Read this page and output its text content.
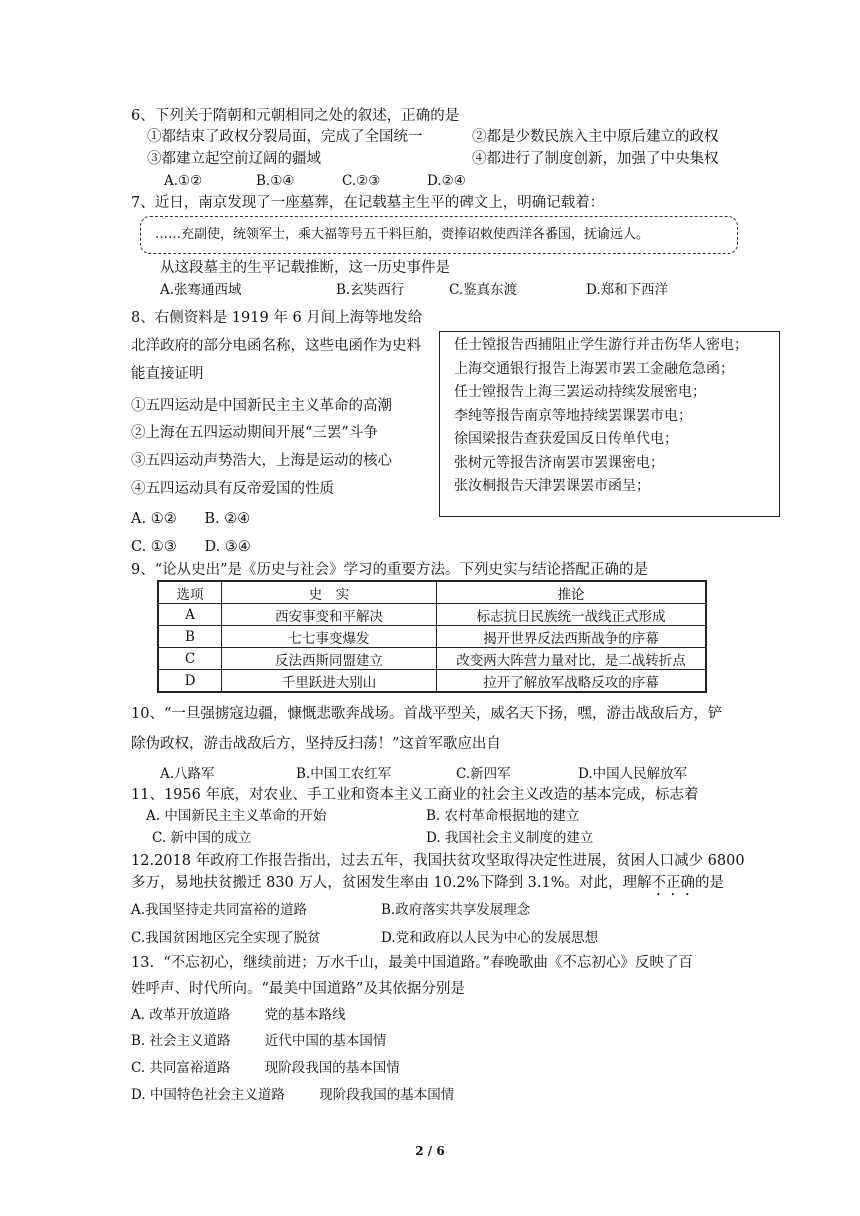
6、下列关于隋朝和元朝相同之处的叙述，正确的是
①都结束了政权分裂局面，完成了全国统一	②都是少数民族入主中原后建立的政权
③都建立起空前辽阔的疆域	④都进行了制度创新，加强了中央集权
A.①②	B.①④	C.②③	D.②④
7、近日，南京发现了一座墓葬，在记载墓主生平的碑文上，明确记载着：
……充副使，统领军士，乘大福等号五千料巨舶，赍捧诏敕使西洋各番国，抚谕远人。
从这段墓主的生平记载推断，这一历史事件是
A.张骞通西域	B.玄奘西行	C.鉴真东渡	D.郑和下西洋
8、右侧资料是 1919 年 6 月间上海等地发给
北洋政府的部分电函名称，这些电函作为史料
能直接证明
①五四运动是中国新民主主义革命的高潮
②上海在五四运动期间开展“三罢”斗争
③五四运动声势浩大，上海是运动的核心
④五四运动具有反帝爱国的性质
A. ①②      B. ②④
C. ①③      D. ③④
任士镗报告西捕阻止学生游行并击伤华人密电；
上海交通银行报告上海罢市罢工金融危急函；
任士镗报告上海三罢运动持续发展密电；
李纯等报告南京等地持续罢课罢市电；
徐国梁报告查获爱国反日传单代电；
张树元等报告济南罢市罢课密电；
张汝桐报告天津罢课罢市函呈；
9、“论从史出”是《历史与社会》学习的重要方法。下列史实与结论搭配正确的是
选项	史　实	推论
A	西安事变和平解决	标志抗日民族统一战线正式形成
B	七七事变爆发	揭开世界反法西斯战争的序幕
C	反法西斯同盟建立	改变两大阵营力量对比，是二战转折点
D	千里跃进大别山	拉开了解放军战略反攻的序幕
10、“一旦强掳寇边疆，慷慨悲歌奔战场。首战平型关，威名天下扬，嘿，游击战敌后方，铲
除伪政权，游击战敌后方，坚持反扫荡！”这首军歌应出自
A.八路军	B.中国工农红军	C.新四军	D.中国人民解放军
11、1956 年底，对农业、手工业和资本主义工商业的社会主义改造的基本完成，标志着
A. 中国新民主主义革命的开始	B. 农村革命根据地的建立
C. 新中国的成立	D. 我国社会主义制度的建立
12.2018 年政府工作报告指出，过去五年，我国扶贫攻坚取得决定性进展，贫困人口减少 6800
多万，易地扶贫搬迁 830 万人，贫困发生率由 10.2%下降到 3.1%。对此，理解不正确的是
A.我国坚持走共同富裕的道路	B.政府落实共享发展理念
C.我国贫困地区完全实现了脱贫	D.党和政府以人民为中心的发展思想
13.  “不忘初心，继续前进；万水千山，最美中国道路。”春晚歌曲《不忘初心》反映了百
姓呼声、时代所向。“最美中国道路”及其依据分别是
A. 改革开放道路        党的基本路线
B. 社会主义道路        近代中国的基本国情
C. 共同富裕道路        现阶段我国的基本国情
D. 中国特色社会主义道路        现阶段我国的基本国情
2 / 6
